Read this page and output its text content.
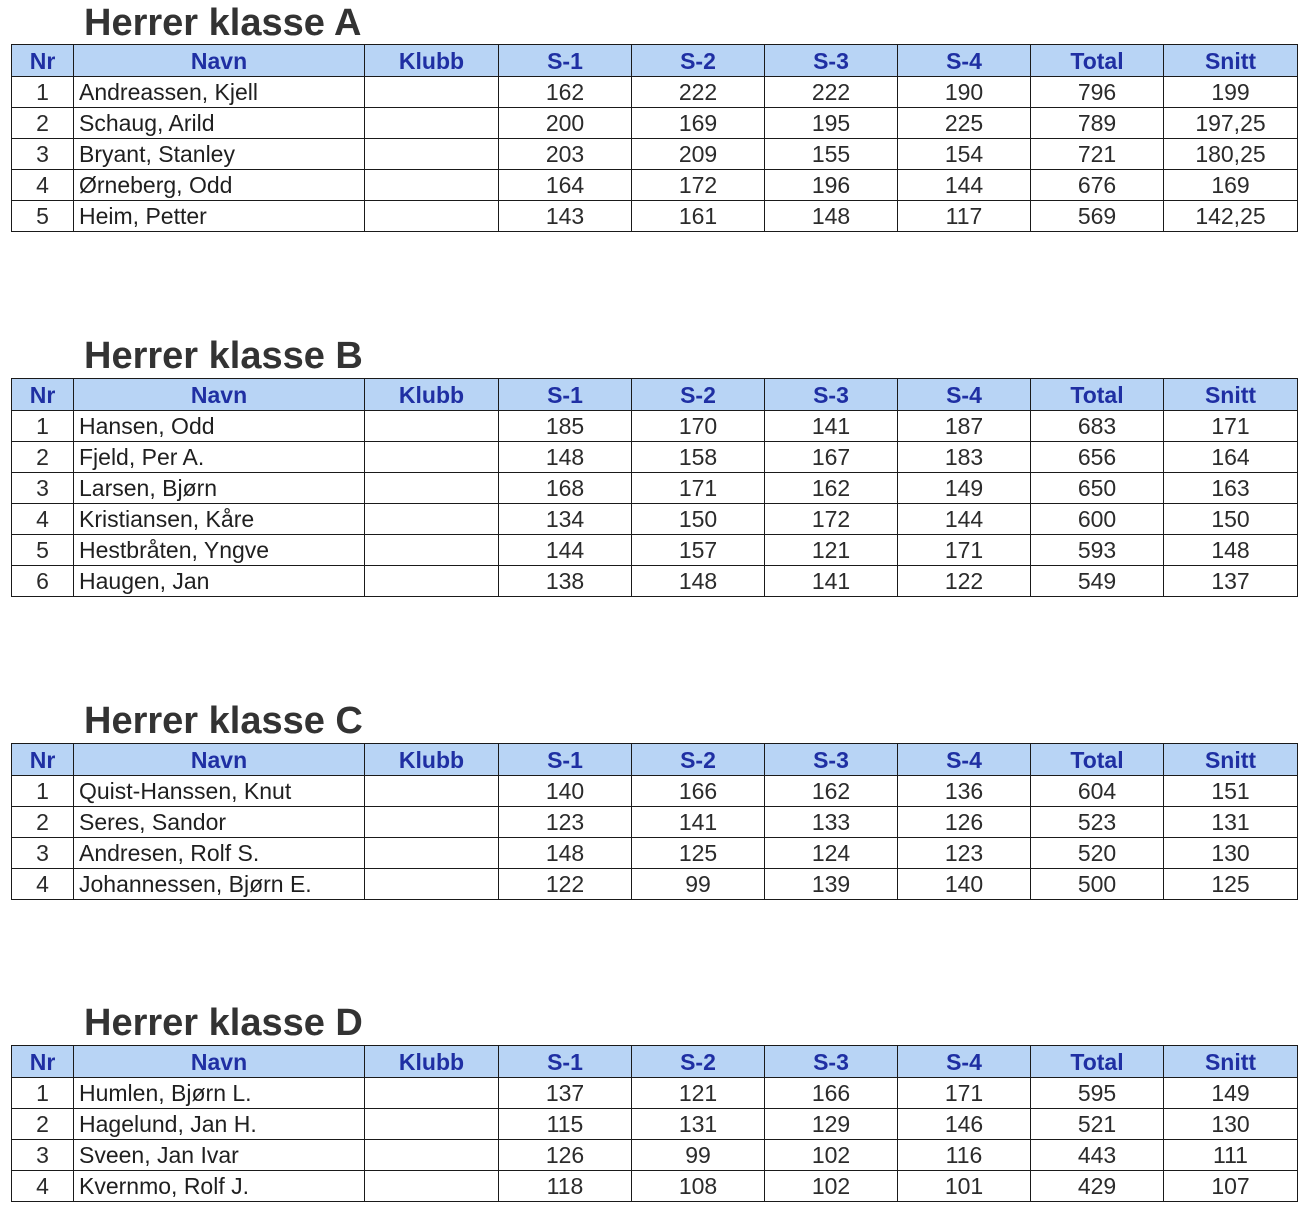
Herrer klasse A
Nr	Navn	Klubb	S-1	S-2	S-3	S-4	Total	Snitt
1	Andreassen, Kjell		162	222	222	190	796	199
2	Schaug, Arild		200	169	195	225	789	197,25
3	Bryant, Stanley		203	209	155	154	721	180,25
4	Ørneberg, Odd		164	172	196	144	676	169
5	Heim, Petter		143	161	148	117	569	142,25
Herrer klasse B
Nr	Navn	Klubb	S-1	S-2	S-3	S-4	Total	Snitt
1	Hansen, Odd		185	170	141	187	683	171
2	Fjeld, Per A.		148	158	167	183	656	164
3	Larsen, Bjørn		168	171	162	149	650	163
4	Kristiansen, Kåre		134	150	172	144	600	150
5	Hestbråten, Yngve		144	157	121	171	593	148
6	Haugen, Jan		138	148	141	122	549	137
Herrer klasse C
Nr	Navn	Klubb	S-1	S-2	S-3	S-4	Total	Snitt
1	Quist-Hanssen, Knut		140	166	162	136	604	151
2	Seres, Sandor		123	141	133	126	523	131
3	Andresen, Rolf S.		148	125	124	123	520	130
4	Johannessen, Bjørn E.		122	99	139	140	500	125
Herrer klasse D
Nr	Navn	Klubb	S-1	S-2	S-3	S-4	Total	Snitt
1	Humlen, Bjørn L.		137	121	166	171	595	149
2	Hagelund, Jan H.		115	131	129	146	521	130
3	Sveen, Jan Ivar		126	99	102	116	443	111
4	Kvernmo, Rolf J.		118	108	102	101	429	107
